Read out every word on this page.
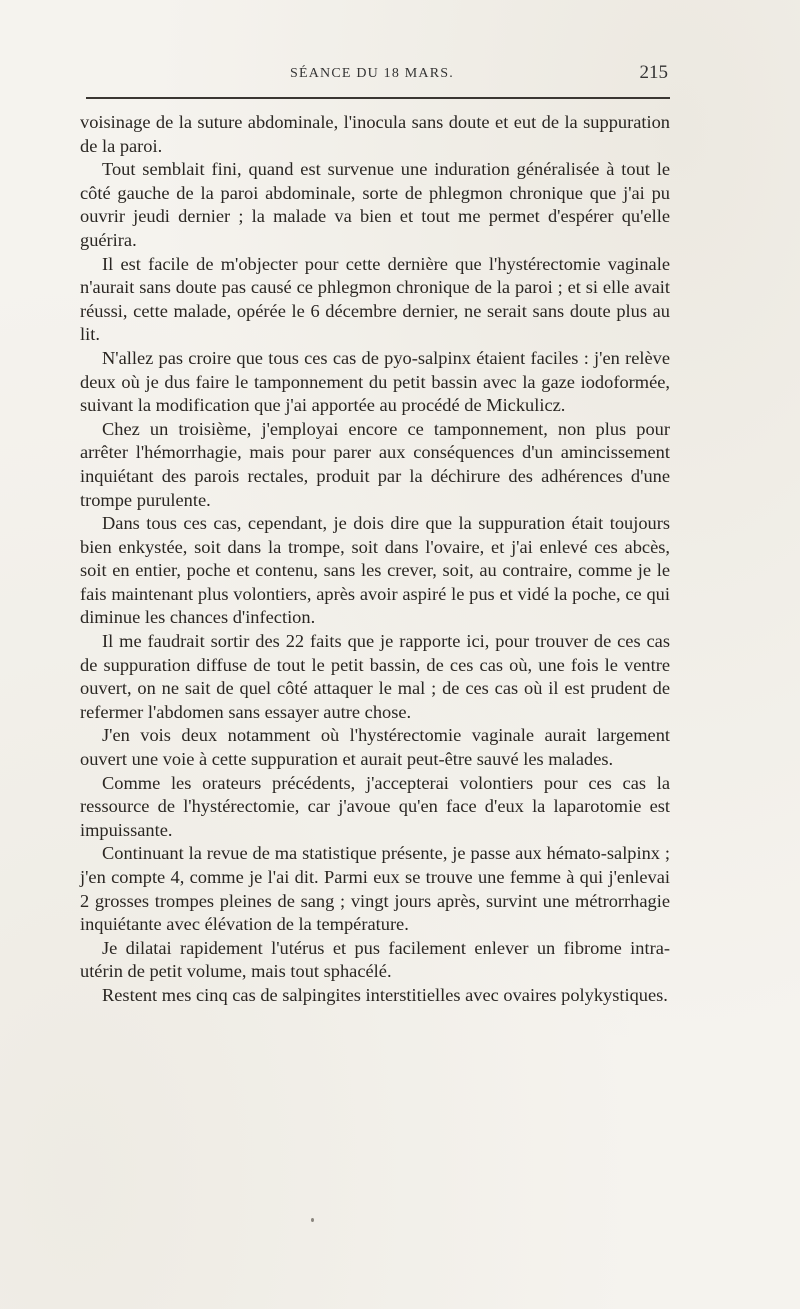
SÉANCE DU 18 MARS.	215

voisinage de la suture abdominale, l'inocula sans doute et eut de la suppuration de la paroi.

Tout semblait fini, quand est survenue une induration généralisée à tout le côté gauche de la paroi abdominale, sorte de phlegmon chronique que j'ai pu ouvrir jeudi dernier ; la malade va bien et tout me permet d'espérer qu'elle guérira.

Il est facile de m'objecter pour cette dernière que l'hystérectomie vaginale n'aurait sans doute pas causé ce phlegmon chronique de la paroi ; et si elle avait réussi, cette malade, opérée le 6 décembre dernier, ne serait sans doute plus au lit.

N'allez pas croire que tous ces cas de pyo-salpinx étaient faciles : j'en relève deux où je dus faire le tamponnement du petit bassin avec la gaze iodoformée, suivant la modification que j'ai apportée au procédé de Mickulicz.

Chez un troisième, j'employai encore ce tamponnement, non plus pour arrêter l'hémorrhagie, mais pour parer aux conséquences d'un amincissement inquiétant des parois rectales, produit par la déchirure des adhérences d'une trompe purulente.

Dans tous ces cas, cependant, je dois dire que la suppuration était toujours bien enkystée, soit dans la trompe, soit dans l'ovaire, et j'ai enlevé ces abcès, soit en entier, poche et contenu, sans les crever, soit, au contraire, comme je le fais maintenant plus volontiers, après avoir aspiré le pus et vidé la poche, ce qui diminue les chances d'infection.

Il me faudrait sortir des 22 faits que je rapporte ici, pour trouver de ces cas de suppuration diffuse de tout le petit bassin, de ces cas où, une fois le ventre ouvert, on ne sait de quel côté attaquer le mal ; de ces cas où il est prudent de refermer l'abdomen sans essayer autre chose.

J'en vois deux notamment où l'hystérectomie vaginale aurait largement ouvert une voie à cette suppuration et aurait peut-être sauvé les malades.

Comme les orateurs précédents, j'accepterai volontiers pour ces cas la ressource de l'hystérectomie, car j'avoue qu'en face d'eux la laparotomie est impuissante.

Continuant la revue de ma statistique présente, je passe aux hémato-salpinx ; j'en compte 4, comme je l'ai dit. Parmi eux se trouve une femme à qui j'enlevai 2 grosses trompes pleines de sang ; vingt jours après, survint une métrorrhagie inquiétante avec élévation de la température.

Je dilatai rapidement l'utérus et pus facilement enlever un fibrome intra-utérin de petit volume, mais tout sphacélé.

Restent mes cinq cas de salpingites interstitielles avec ovaires polykystiques.
